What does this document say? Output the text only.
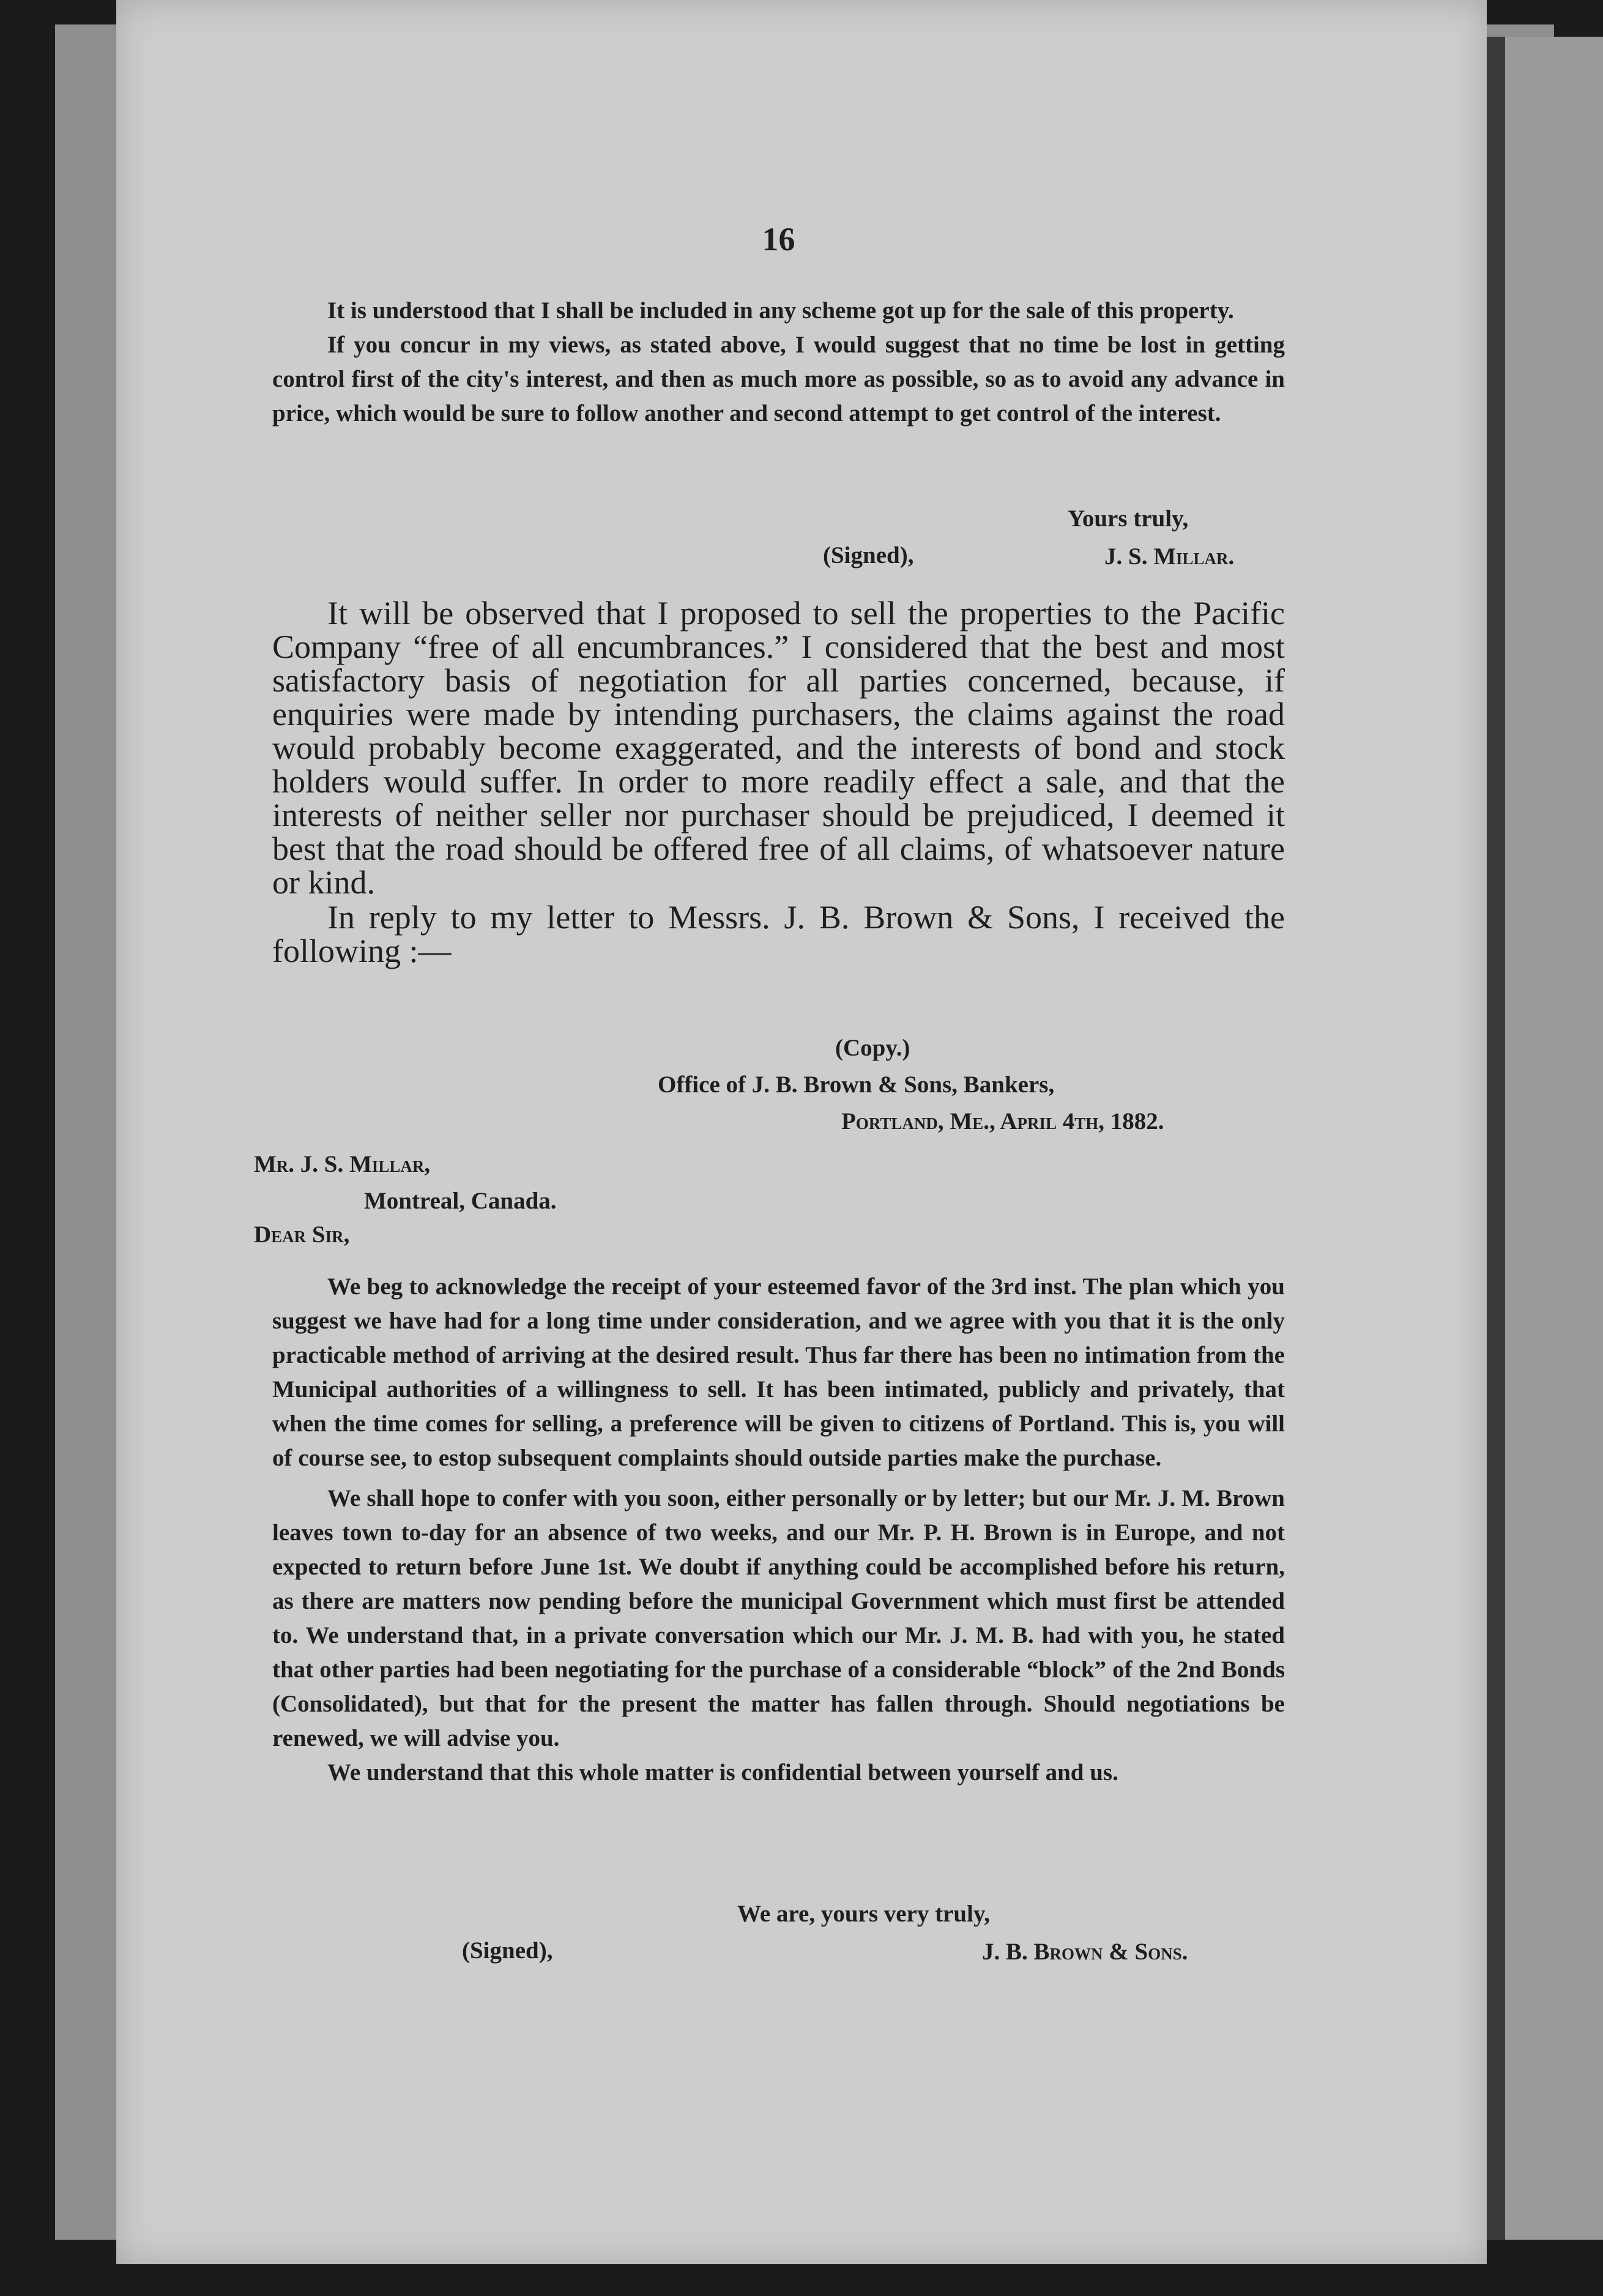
16

It is understood that I shall be included in any scheme got up for the sale of this property.

If you concur in my views, as stated above, I would suggest that no time be lost in getting control first of the city's interest, and then as much more as possible, so as to avoid any advance in price, which would be sure to follow another and second attempt to get control of the interest.

Yours truly,
(Signed),	J. S. Millar.

It will be observed that I proposed to sell the properties to the Pacific Company “free of all encumbrances.” I considered that the best and most satisfactory basis of negotiation for all parties concerned, because, if enquiries were made by intending purchasers, the claims against the road would probably become exaggerated, and the interests of bond and stock holders would suffer. In order to more readily effect a sale, and that the interests of neither seller nor purchaser should be prejudiced, I deemed it best that the road should be offered free of all claims, of whatsoever nature or kind.

In reply to my letter to Messrs. J. B. Brown & Sons, I received the following :—

(Copy.)
Office of J. B. Brown & Sons, Bankers,
Portland, Me., April 4th, 1882.
Mr. J. S. Millar,
Montreal, Canada.
Dear Sir,

We beg to acknowledge the receipt of your esteemed favor of the 3rd inst. The plan which you suggest we have had for a long time under consideration, and we agree with you that it is the only practicable method of arriving at the desired result. Thus far there has been no intimation from the Municipal authorities of a willingness to sell. It has been intimated, publicly and privately, that when the time comes for selling, a preference will be given to citizens of Portland. This is, you will of course see, to estop subsequent complaints should outside parties make the purchase.

We shall hope to confer with you soon, either personally or by letter; but our Mr. J. M. Brown leaves town to-day for an absence of two weeks, and our Mr. P. H. Brown is in Europe, and not expected to return before June 1st. We doubt if anything could be accomplished before his return, as there are matters now pending before the municipal Government which must first be attended to. We understand that, in a private conversation which our Mr. J. M. B. had with you, he stated that other parties had been negotiating for the purchase of a considerable “block” of the 2nd Bonds (Consolidated), but that for the present the matter has fallen through. Should negotiations be renewed, we will advise you.

We understand that this whole matter is confidential between yourself and us.

We are, yours very truly,
(Signed),	J. B. Brown & Sons.
